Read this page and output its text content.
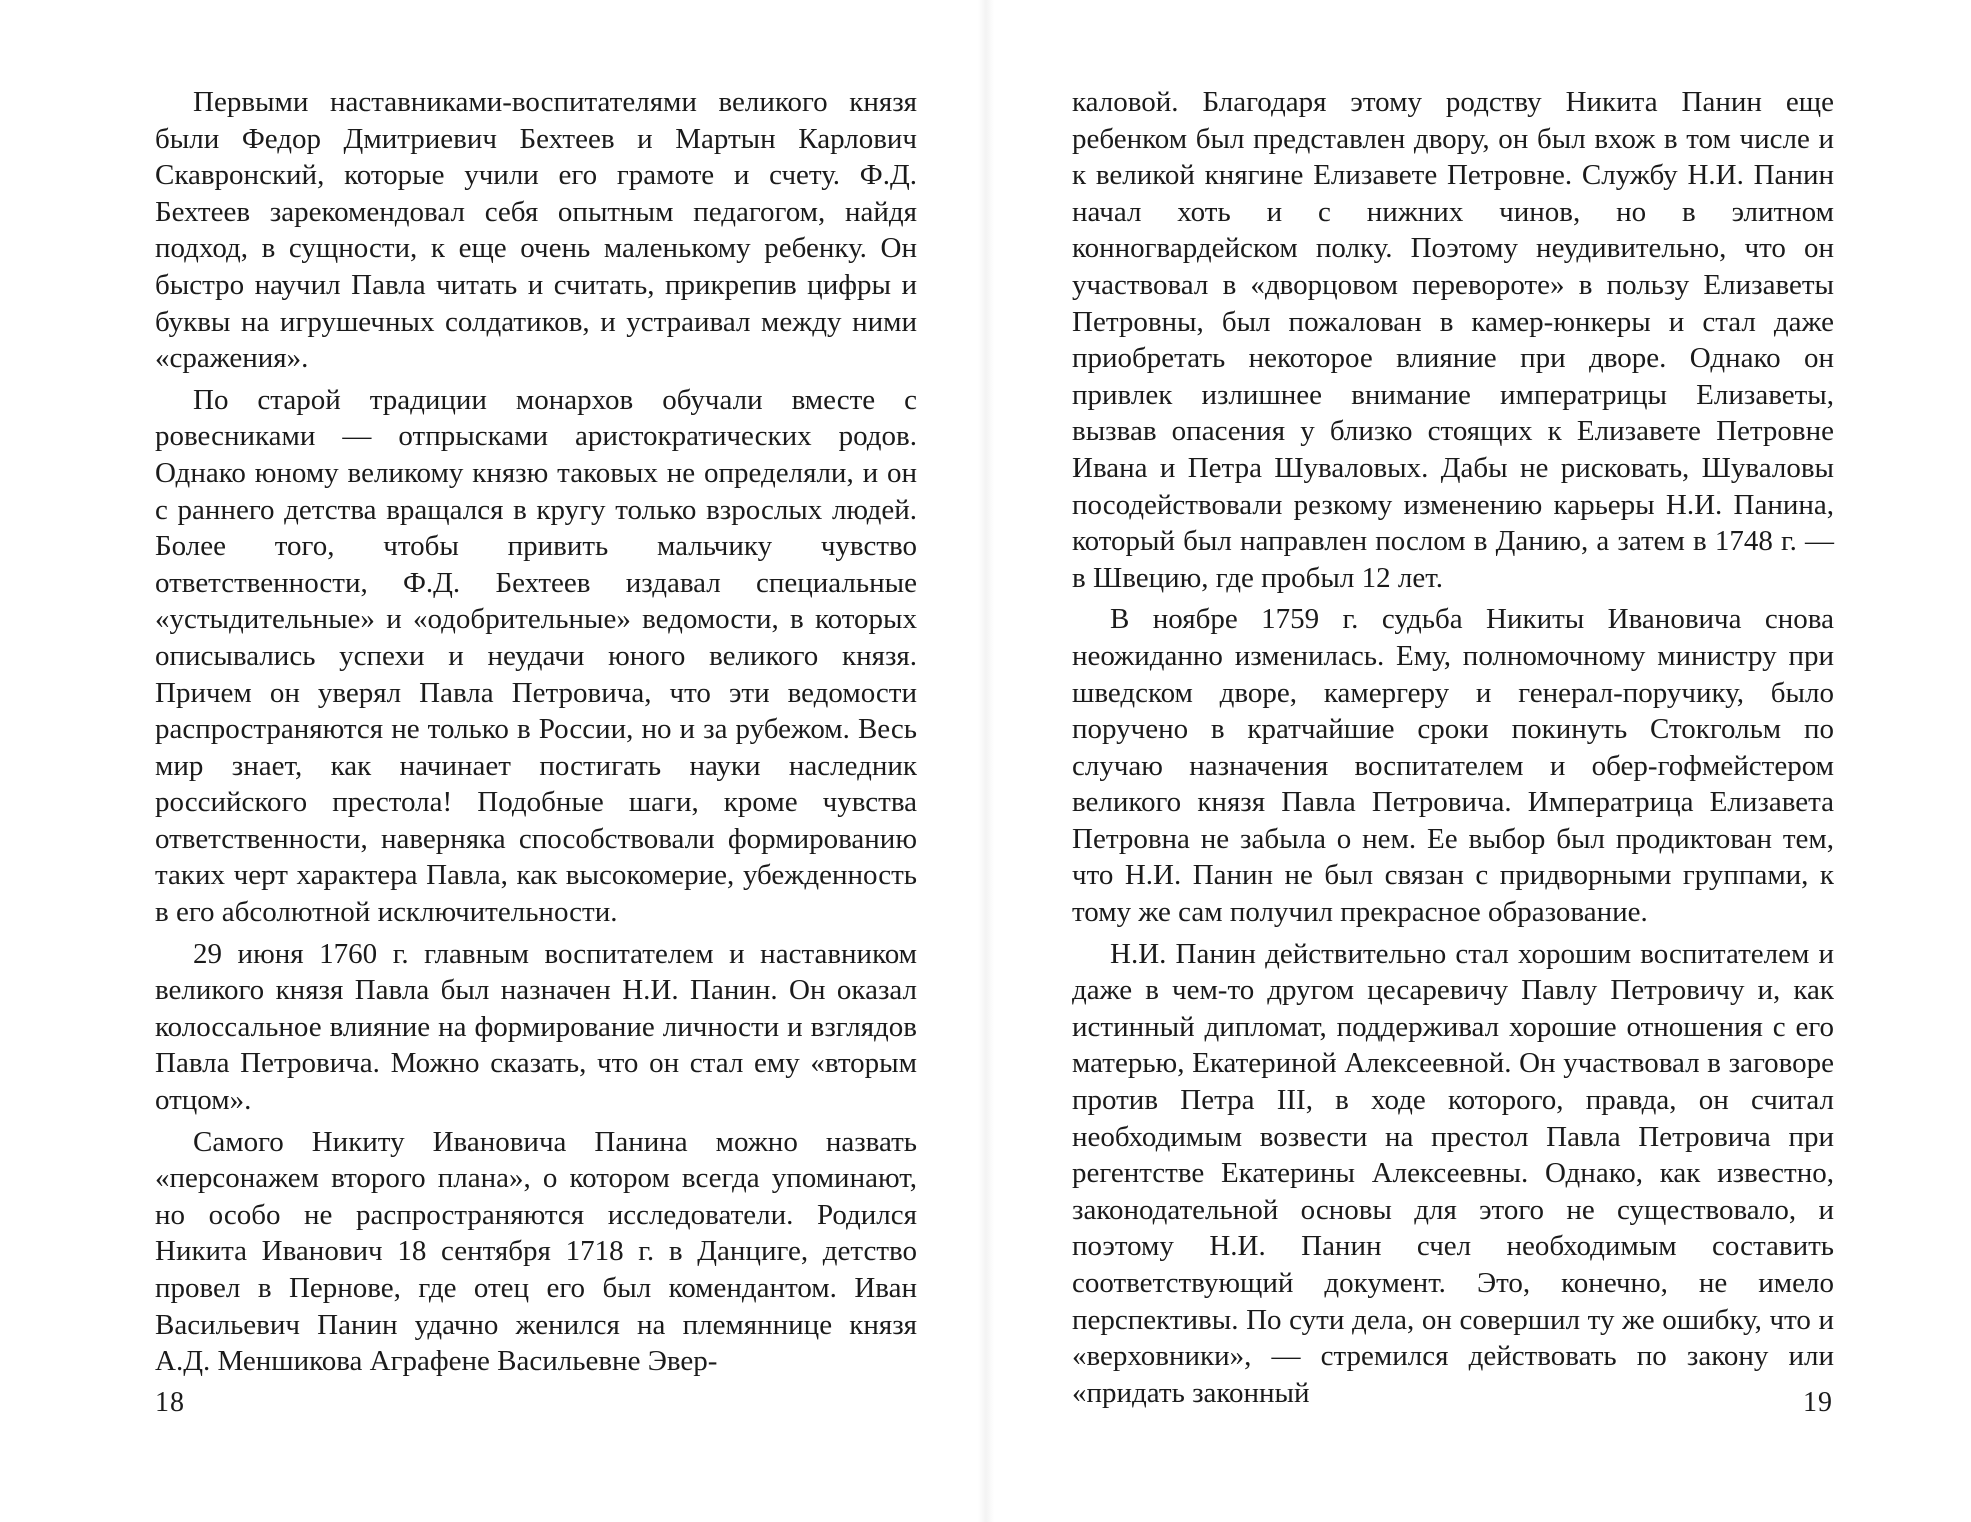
Первыми наставниками-воспитателями великого князя были Федор Дмитриевич Бехтеев и Мартын Карлович Скавронский, которые учили его грамоте и счету. Ф.Д. Бехтеев зарекомендовал себя опытным педагогом, найдя подход, в сущности, к еще очень маленькому ребенку. Он быстро научил Павла читать и считать, прикрепив цифры и буквы на игрушечных солдатиков, и устраивал между ними «сражения».

По старой традиции монархов обучали вместе с ровесниками — отпрысками аристократических родов. Однако юному великому князю таковых не определяли, и он с раннего детства вращался в кругу только взрослых людей. Более того, чтобы привить мальчику чувство ответственности, Ф.Д. Бехтеев издавал специальные «устыдительные» и «одобрительные» ведомости, в которых описывались успехи и неудачи юного великого князя. Причем он уверял Павла Петровича, что эти ведомости распространяются не только в России, но и за рубежом. Весь мир знает, как начинает постигать науки наследник российского престола! Подобные шаги, кроме чувства ответственности, наверняка способствовали формированию таких черт характера Павла, как высокомерие, убежденность в его абсолютной исключительности.

29 июня 1760 г. главным воспитателем и наставником великого князя Павла был назначен Н.И. Панин. Он оказал колоссальное влияние на формирование личности и взглядов Павла Петровича. Можно сказать, что он стал ему «вторым отцом».

Самого Никиту Ивановича Панина можно назвать «персонажем второго плана», о котором всегда упоминают, но особо не распространяются исследователи. Родился Никита Иванович 18 сентября 1718 г. в Данциге, детство провел в Пернове, где отец его был комендантом. Иван Васильевич Панин удачно женился на племяннице князя А.Д. Меншикова Аграфене Васильевне Эвер-

18

каловой. Благодаря этому родству Никита Панин еще ребенком был представлен двору, он был вхож в том числе и к великой княгине Елизавете Петровне. Службу Н.И. Панин начал хоть и с нижних чинов, но в элитном конногвардейском полку. Поэтому неудивительно, что он участвовал в «дворцовом перевороте» в пользу Елизаветы Петровны, был пожалован в камер-юнкеры и стал даже приобретать некоторое влияние при дворе. Однако он привлек излишнее внимание императрицы Елизаветы, вызвав опасения у близко стоящих к Елизавете Петровне Ивана и Петра Шуваловых. Дабы не рисковать, Шуваловы посодействовали резкому изменению карьеры Н.И. Панина, который был направлен послом в Данию, а затем в 1748 г. — в Швецию, где пробыл 12 лет.

В ноябре 1759 г. судьба Никиты Ивановича снова неожиданно изменилась. Ему, полномочному министру при шведском дворе, камергеру и генерал-поручику, было поручено в кратчайшие сроки покинуть Стокгольм по случаю назначения воспитателем и обер-гофмейстером великого князя Павла Петровича. Императрица Елизавета Петровна не забыла о нем. Ее выбор был продиктован тем, что Н.И. Панин не был связан с придворными группами, к тому же сам получил прекрасное образование.

Н.И. Панин действительно стал хорошим воспитателем и даже в чем-то другом цесаревичу Павлу Петровичу и, как истинный дипломат, поддерживал хорошие отношения с его матерью, Екатериной Алексеевной. Он участвовал в заговоре против Петра III, в ходе которого, правда, он считал необходимым возвести на престол Павла Петровича при регентстве Екатерины Алексеевны. Однако, как известно, законодательной основы для этого не существовало, и поэтому Н.И. Панин счел необходимым составить соответствующий документ. Это, конечно, не имело перспективы. По сути дела, он совершил ту же ошибку, что и «верховники», — стремился действовать по закону или «придать законный	19
